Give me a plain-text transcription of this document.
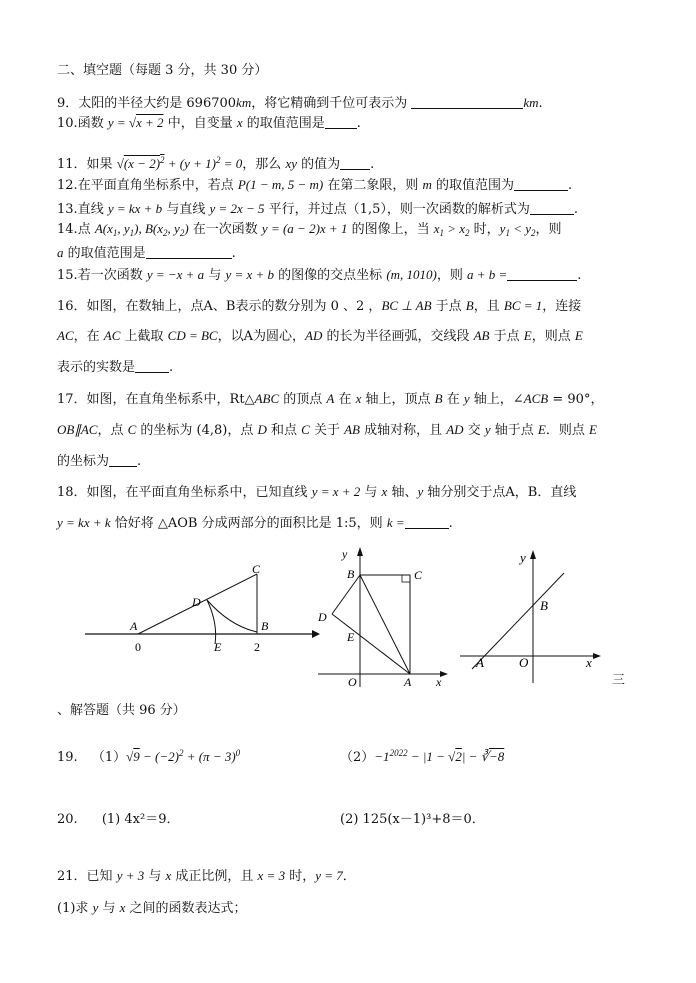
二、填空题（每题 3 分，共 30 分）
9．太阳的半径大约是 696700km，将它精确到千位可表示为	km.
10.函数 y = √x + 2 中，自变量 x 的取值范围是 .
11．如果 $√(x - 2)^2 + (y + 1)^2 = 0$，那么 xy 的值为 .
12.在平面直角坐标系中，若点 P(1 − m, 5 − m) 在第二象限，则 m 的取值范围为	.
13.直线 y = kx + b 与直线 y = 2x − 5 平行，并过点（1,5），则一次函数的解析式为	.
14.点 $A(x_1$, $y_1$), $B(x_2$, $y_2$) 在一次函数 y = (a − 2)x + 1 的图像上，当 $x_1 > x_2$ 时，$y_1 < y_2$，则
a 的取值范围是	.
15.若一次函数 y = −x + a 与 y = x + b 的图像的交点坐标 (m, 1010)，则 a + b =	.
16．如图，在数轴上，点A、B表示的数分别为 0 、2 ，BC ⊥ AB 于点 B，且 BC = 1，连接
AC，在 AC 上截取 CD = BC，以A为圆心，AD 的长为半径画弧，交线段 AB 于点 E，则点 E
表示的实数是	.
17．如图，在直角坐标系中，Rt△ABC 的顶点 A 在 x 轴上，顶点 B 在 y 轴上，∠ACB = 90°，
OB∥AC，点 C 的坐标为 (4,8)，点 D 和点 C 关于 AB 成轴对称，且 AD 交 y 轴于点 E．则点 E
的坐标为 .
18．如图，在平面直角坐标系中，已知直线 y = x + 2 与 x 轴、y 轴分别交于点A，B．直线
y = kx + k 恰好将 △AOB 分成两部分的面积比是 1:5，则 k =	.
A
D
C
E
B
0	2
y
B	C
D
E
O	A x
y
B
A	O	x
三
、解答题（共 96 分）
19. $(1)√9 - (-2)^2 + (\pi - 3)^0$	$(2)-1^{2022} - |1 - √2|$ − ∛−8
20. (1) 4x²＝9．	(2) 125(x－1)³+8＝0．
21．已知 y + 3 与 x 成正比例，且 x = 3 时，y = 7．
(1)求 y 与 x 之间的函数表达式；
